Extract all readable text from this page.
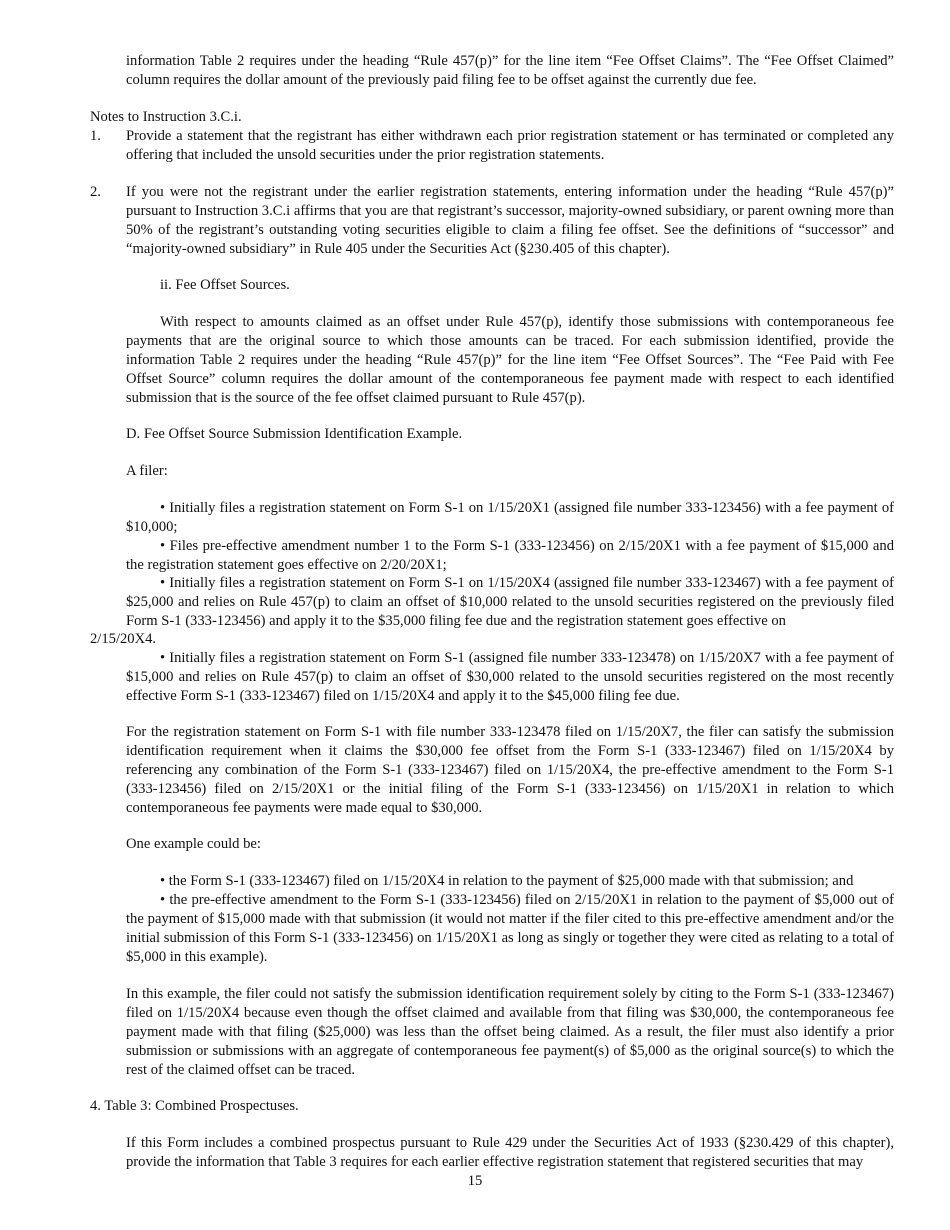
information Table 2 requires under the heading “Rule 457(p)” for the line item “Fee Offset Claims”. The “Fee Offset Claimed” column requires the dollar amount of the previously paid filing fee to be offset against the currently due fee.

Notes to Instruction 3.C.i.

1. Provide a statement that the registrant has either withdrawn each prior registration statement or has terminated or completed any offering that included the unsold securities under the prior registration statements.

2. If you were not the registrant under the earlier registration statements, entering information under the heading “Rule 457(p)” pursuant to Instruction 3.C.i affirms that you are that registrant’s successor, majority-owned subsidiary, or parent owning more than 50% of the registrant’s outstanding voting securities eligible to claim a filing fee offset. See the definitions of “successor” and “majority-owned subsidiary” in Rule 405 under the Securities Act (§230.405 of this chapter).

ii. Fee Offset Sources.

With respect to amounts claimed as an offset under Rule 457(p), identify those submissions with contemporaneous fee payments that are the original source to which those amounts can be traced. For each submission identified, provide the information Table 2 requires under the heading “Rule 457(p)” for the line item “Fee Offset Sources”. The “Fee Paid with Fee Offset Source” column requires the dollar amount of the contemporaneous fee payment made with respect to each identified submission that is the source of the fee offset claimed pursuant to Rule 457(p).

D. Fee Offset Source Submission Identification Example.

A filer:

• Initially files a registration statement on Form S-1 on 1/15/20X1 (assigned file number 333-123456) with a fee payment of $10,000;

• Files pre-effective amendment number 1 to the Form S-1 (333-123456) on 2/15/20X1 with a fee payment of $15,000 and the registration statement goes effective on 2/20/20X1;

• Initially files a registration statement on Form S-1 on 1/15/20X4 (assigned file number 333-123467) with a fee payment of $25,000 and relies on Rule 457(p) to claim an offset of $10,000 related to the unsold securities registered on the previously filed Form S-1 (333-123456) and apply it to the $35,000 filing fee due and the registration statement goes effective on

2/15/20X4.

• Initially files a registration statement on Form S-1 (assigned file number 333-123478) on 1/15/20X7 with a fee payment of $15,000 and relies on Rule 457(p) to claim an offset of $30,000 related to the unsold securities registered on the most recently effective Form S-1 (333-123467) filed on 1/15/20X4 and apply it to the $45,000 filing fee due.

For the registration statement on Form S-1 with file number 333-123478 filed on 1/15/20X7, the filer can satisfy the submission identification requirement when it claims the $30,000 fee offset from the Form S-1 (333-123467) filed on 1/15/20X4 by referencing any combination of the Form S-1 (333-123467) filed on 1/15/20X4, the pre-effective amendment to the Form S-1 (333-123456) filed on 2/15/20X1 or the initial filing of the Form S-1 (333-123456) on 1/15/20X1 in relation to which contemporaneous fee payments were made equal to $30,000.

One example could be:

• the Form S-1 (333-123467) filed on 1/15/20X4 in relation to the payment of $25,000 made with that submission; and

• the pre-effective amendment to the Form S-1 (333-123456) filed on 2/15/20X1 in relation to the payment of $5,000 out of the payment of $15,000 made with that submission (it would not matter if the filer cited to this pre-effective amendment and/or the initial submission of this Form S-1 (333-123456) on 1/15/20X1 as long as singly or together they were cited as relating to a total of $5,000 in this example).

In this example, the filer could not satisfy the submission identification requirement solely by citing to the Form S-1 (333-123467) filed on 1/15/20X4 because even though the offset claimed and available from that filing was $30,000, the contemporaneous fee payment made with that filing ($25,000) was less than the offset being claimed. As a result, the filer must also identify a prior submission or submissions with an aggregate of contemporaneous fee payment(s) of $5,000 as the original source(s) to which the rest of the claimed offset can be traced.

4. Table 3: Combined Prospectuses.

If this Form includes a combined prospectus pursuant to Rule 429 under the Securities Act of 1933 (§230.429 of this chapter), provide the information that Table 3 requires for each earlier effective registration statement that registered securities that may

15
